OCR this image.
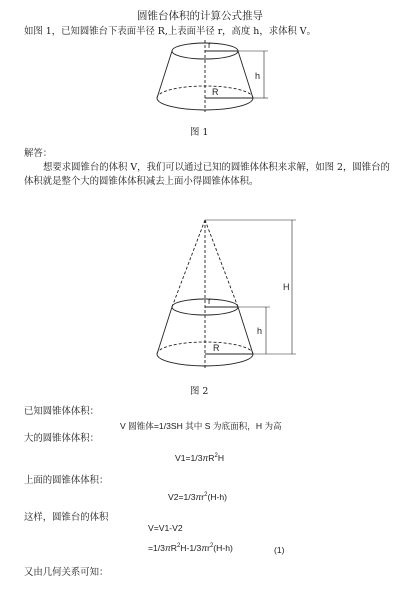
圆锥台体积的计算公式推导
如图 1，已知圆锥台下表面半径 R,上表面半径 r，高度 h，求体积 V。
r
h
R
H
r
h
R
图 1
解答：
想要求圆锥台的体积 V，我们可以通过已知的圆锥体体积来求解，如图 2，圆锥台的
体积就是整个大的圆锥体体积减去上面小得圆锥体体积。
图 2
已知圆锥体体积：
V 圆锥体=1/3SH 其中 S 为底面积，H 为高
大的圆锥体体积：
$V1=1/3\pi R^2H$
上面的圆锥体体积：
$V2=1/3\pi r^2(H-h)$
这样，圆锥台的体积
V=V1-V2
$=1/3\pi R^2H-1/3\pi r^2(H-h)$	(1)
又由几何关系可知：
